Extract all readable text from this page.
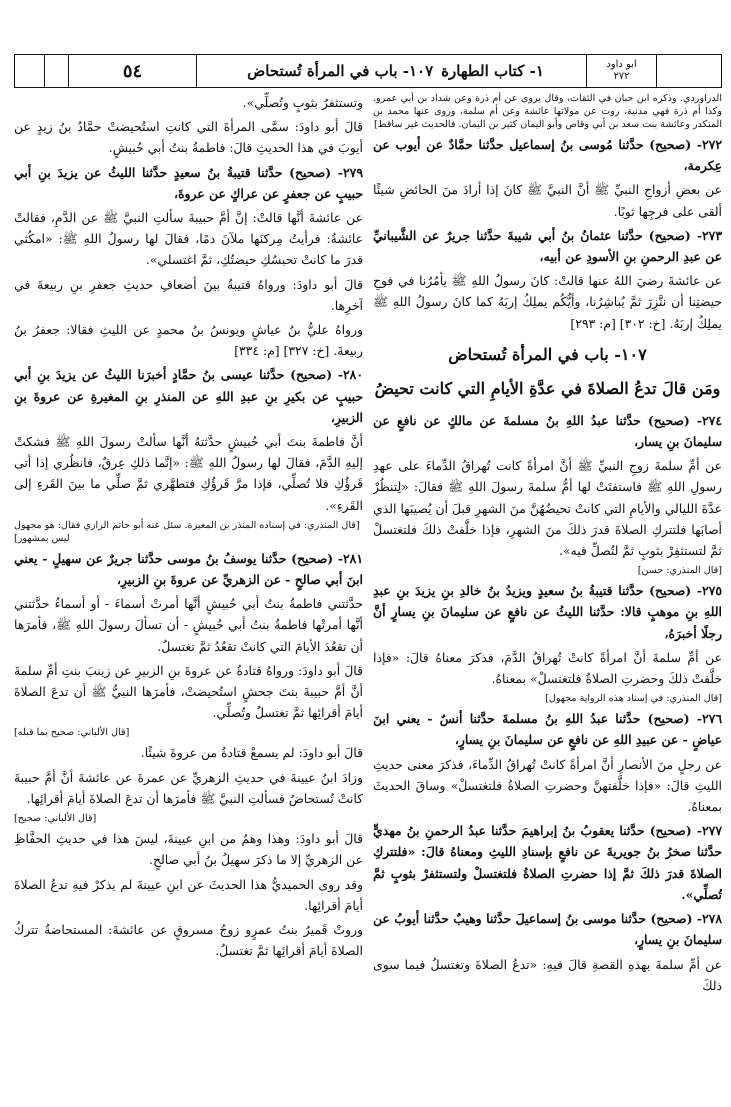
٥٤	١٠٧- باب في المرأة تُستحاض ١- كتاب الطهارة	ابو داود
٢٧٢

وتستثفرُ بثوبٍ وتُصلِّي».

قالَ أبو داودَ: سمَّى المرأةَ التي كانتِ استُحيضتْ حمَّادُ بنُ زيدٍ عن أيوبَ في هذا الحديثِ قالَ: فاطمةُ بنتُ أبي حُبيشٍ.

٢٧٩- (صحيح) حدَّثنا قتيبةُ بنُ سعيدٍ حدَّثنا الليثُ عن يزيدَ بنِ أبي حبيبٍ عن جعفرٍ عن عراكٍ عن عروةَ،

عن عائشةَ أنَّها قالتْ: إنَّ أمَّ حبيبةَ سألتِ النبيَّ ﷺ عن الدَّمِ، فقالتْ عائشةُ: فرأيتُ مِركنَها ملآنَ دمًا، فقالَ لها رسولُ اللهِ ﷺ: «امكُثي قدرَ ما كانتْ تحبسُكِ حيضتُكِ، ثمَّ اغتسلي».

قالَ أبو داودَ: ورواهُ قتيبةُ بينَ أضعافِ حديثِ جعفرِ بنِ ربيعةَ في آخرِها.

ورواهُ عليُّ بنُ عياشٍ ويونسُ بنُ محمدٍ عن الليثِ فقالا: جعفرُ بنُ ربيعةَ. [خ: ٣٢٧] [م: ٣٣٤]

٢٨٠- (صحيح) حدَّثنا عيسى بنُ حمَّادٍ أخبرَنا الليثُ عن يزيدَ بنِ أبي حبيبٍ عن بكيرِ بنِ عبدِ اللهِ عن المنذرِ بنِ المغيرةِ عن عروةَ بنِ الزبيرِ،

أنَّ فاطمةَ بنتَ أبي حُبيشٍ حدَّثتهُ أنَّها سألتْ رسولَ اللهِ ﷺ فشكتْ إليهِ الدَّمَ، فقالَ لها رسولُ اللهِ ﷺ: «إنَّما ذلكِ عِرقٌ، فانظُري إذا أتى قَرؤُكِ فلا تُصلِّي، فإذا مرَّ قَرؤُكِ فتطهَّري ثمَّ صلِّي ما بينَ القَرءِ إلى القَرءِ».

[قال المنذري: في إسناده المنذر بن المغيرة. سئل عنه أبو حاتم الرازي فقال: هو مجهول ليس بمشهور]

٢٨١- (صحيح) حدَّثنا يوسفُ بنُ موسى حدَّثنا جريرٌ عن سهيلٍ - يعني ابنَ أبي صالحٍ - عن الزهريِّ عن عروةَ بنِ الزبيرِ،

حدَّثتني فاطمةُ بنتُ أبي حُبيشٍ أنَّها أمرتْ أسماءَ - أو أسماءُ حدَّثتني أنَّها أمرتْها فاطمةُ بنتُ أبي حُبيشٍ - أن تسألَ رسولَ اللهِ ﷺ، فأمرَها أن تقعُدَ الأيامَ التي كانتْ تقعُدُ ثمَّ تغتسلُ.

قالَ أبو داودَ: ورواهُ قتادةُ عن عروةَ بنِ الزبيرِ عن زينبَ بنتِ أمِّ سلمةَ أنَّ أمَّ حبيبةَ بنتَ جحشٍ استُحيضتْ، فأمرَها النبيُّ ﷺ أن تدعَ الصلاةَ أيامَ أقرائِها ثمَّ تغتسلُ وتُصلِّي.

[قال الألباني: صحيح بما قبله]

قالَ أبو داودَ: لم يسمعْ قتادةُ من عروةَ شيئًا.

وزادَ ابنُ عيينةَ في حديثِ الزهريِّ عن عمرةَ عن عائشةَ أنَّ أمَّ حبيبةَ كانتْ تُستحاضُ فسألتِ النبيَّ ﷺ فأمرَها أن تدعَ الصلاةَ أيامَ أقرائِها.

[قال الألباني: صحيح]

قالَ أبو داودَ: وهذا وهمٌ من ابنِ عيينةَ، ليسَ هذا في حديثِ الحفَّاظِ عن الزهريِّ إلا ما ذكرَ سهيلُ بنُ أبي صالحٍ.

وقد روى الحميديُّ هذا الحديثَ عن ابنِ عيينةَ لم يذكرْ فيهِ تدعُ الصلاةَ أيامَ أقرائِها.

وروتْ قَميرُ بنتُ عمرٍو زوجُ مسروقٍ عن عائشةَ: المستحاضةُ تتركُ الصلاةَ أيامَ أقرائِها ثمَّ تغتسلُ.

الدراوردي. وذكره ابن حبان في الثقات، وقال يروى عن أم ذرة وعن شداد بن أبي عمرو. وكذا أم ذرة فهي مدنية، روت عن مولاتها عائشة وعن أم سلمة، وروى عنها محمد بن المنكدر وعائشة بنت سعد بن أبي وقاص وأبو اليمان كثير بن اليمان. فالحديث غير ساقط]

٢٧٢- (صحيح) حدَّثنا مُوسى بنُ إسماعيل حدَّثنا حمَّادٌ عن أيوب عن عِكرمة،

عن بعضِ أزواجِ النبيِّ ﷺ أنَّ النبيَّ ﷺ كانَ إذا أرادَ منَ الحائضِ شيئًا ألقى على فرجِها ثوبًا.

٢٧٣- (صحيح) حدَّثنا عثمانُ بنُ أبي شيبةَ حدَّثنا جريرٌ عن الشَّيبانيِّ عن عبدِ الرحمنِ بنِ الأسودِ عن أبيه،

عن عائشةَ رضيَ اللهُ عنها قالتْ: كانَ رسولُ اللهِ ﷺ يأمُرُنا في فوحِ حيضتِنا أن نتَّزِرَ ثمَّ يُباشِرُنا، وأيُّكُم يملِكُ إربَهُ كما كانَ رسولُ اللهِ ﷺ يملِكُ إربَهُ. [خ: ٣٠٢] [م: ٢٩٣]

١٠٧- باب في المرأة تُستحاض

ومَن قالَ تدعُ الصلاةَ في عدَّةِ الأيامِ التي كانت تحيضُ

٢٧٤- (صحيح) حدَّثنا عبدُ اللهِ بنُ مسلمةَ عن مالكٍ عن نافعٍ عن سليمانَ بنِ يسار،

عن أمِّ سلمةَ زوجِ النبيِّ ﷺ أنَّ امرأةً كانت تُهراقُ الدِّماءَ على عهدِ رسولِ اللهِ ﷺ فاستفتَتْ لها أمُّ سلمةَ رسولَ اللهِ ﷺ فقالَ: «لِتنظُرْ عدَّةَ الليالي والأيامِ التي كانتْ تحيضُهُنَّ منَ الشهرِ قبلَ أن يُصيبَها الذي أصابَها فلتتركِ الصلاةَ قدرَ ذلكَ منَ الشهرِ، فإذا خلَّفتْ ذلكَ فلتغتسلْ ثمَّ لتستثفِرْ بثوبٍ ثمَّ لتُصلِّ فيه».

[قال المنذري: حسن]

٢٧٥- (صحيح) حدَّثنا قتيبةُ بنُ سعيدٍ ويزيدُ بنُ خالدِ بنِ يزيدَ بنِ عبدِ اللهِ بنِ موهبٍ قالا: حدَّثنا الليثُ عن نافعٍ عن سليمانَ بنِ يسارٍ أنَّ رجلًا أخبرَهُ،

عن أمِّ سلمةَ أنَّ امرأةً كانتْ تُهراقُ الدَّمَ، فذكرَ معناهُ قالَ: «فإذا خلَّفتْ ذلكَ وحضرتِ الصلاةُ فلتغتسلْ» بمعناهُ.

[قال المنذري: في إسناد هذه الرواية مجهول]

٢٧٦- (صحيح) حدَّثنا عبدُ اللهِ بنُ مسلمةَ حدَّثنا أنسٌ - يعني ابنَ عياضٍ - عن عبيدِ اللهِ عن نافعٍ عن سليمانَ بنِ يسارٍ،

عن رجلٍ منَ الأنصارِ أنَّ امرأةً كانتْ تُهراقُ الدِّماءَ، فذكرَ معنى حديثِ الليثِ قالَ: «فإذا خلَّفتهنَّ وحضرتِ الصلاةُ فلتغتسلْ» وساقَ الحديثَ بمعناهُ.

٢٧٧- (صحيح) حدَّثنا يعقوبُ بنُ إبراهيمَ حدَّثنا عبدُ الرحمنِ بنُ مهديٍّ حدَّثنا صخرُ بنُ جويريةَ عن نافعٍ بإسنادِ الليثِ ومعناهُ قالَ: «فلتتركِ الصلاةَ قدرَ ذلكَ ثمَّ إذا حضرتِ الصلاةُ فلتغتسلْ ولتستثفرْ بثوبٍ ثمَّ تُصلِّي».

٢٧٨- (صحيح) حدَّثنا موسى بنُ إسماعيلَ حدَّثنا وهيبٌ حدَّثنا أيوبُ عن سليمانَ بنِ يسارٍ،

عن أمِّ سلمةَ بهذهِ القصةِ قالَ فيهِ: «تدعُ الصلاةَ وتغتسلُ فيما سوى ذلكَ
